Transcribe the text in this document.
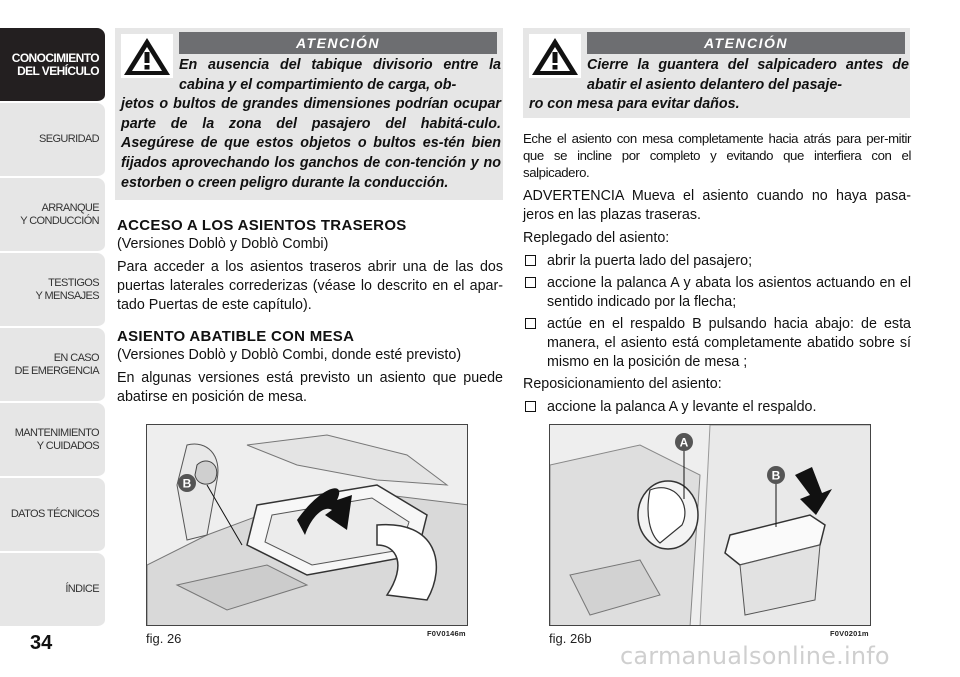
CONOCIMIENTO
DEL VEHÍCULO
SEGURIDAD
ARRANQUE
Y CONDUCCIÓN
TESTIGOS
Y MENSAJES
EN CASO
DE EMERGENCIA
MANTENIMIENTO
Y CUIDADOS
DATOS TÉCNICOS
ÍNDICE
34
ATENCIÓN
En ausencia del tabique divisorio entre la cabina y el compartimiento de carga, ob-
jetos o bultos de grandes dimensiones podrían ocupar parte de la zona del pasajero del habitá-culo. Asegúrese de que estos objetos o bultos es-tén bien fijados aprovechando los ganchos de con-tención y no estorben o creen peligro durante la conducción.
ATENCIÓN
Cierre la guantera del salpicadero antes de abatir el asiento delantero del pasaje-
ro con mesa para evitar daños.
ACCESO A LOS ASIENTOS TRASEROS
(Versiones Doblò y Doblò Combi)

Para acceder a los asientos traseros abrir una de las dos puertas laterales correderizas (véase lo descrito en el apar-tado Puertas de este capítulo).

ASIENTO ABATIBLE CON MESA
(Versiones Doblò y Doblò Combi, donde esté previsto)

En algunas versiones está previsto un asiento que puede abatirse en posición de mesa.

Eche el asiento con mesa completamente hacia atrás para per-mitir que se incline por completo y evitando que interfiera con el salpicadero.

ADVERTENCIA Mueva el asiento cuando no haya pasa-jeros en las plazas traseras.

Replegado del asiento:

abrir la puerta lado del pasajero;
accione la palanca A y abata los asientos actuando en el sentido indicado por la flecha;
actúe en el respaldo B pulsando hacia abajo: de esta manera, el asiento está completamente abatido sobre sí mismo en la posición de mesa ;

Reposicionamiento del asiento:

accione la palanca A y levante el respaldo.
B
fig. 26	F0V0146m
A
B
fig. 26b	F0V0201m
carmanualsonline.info
